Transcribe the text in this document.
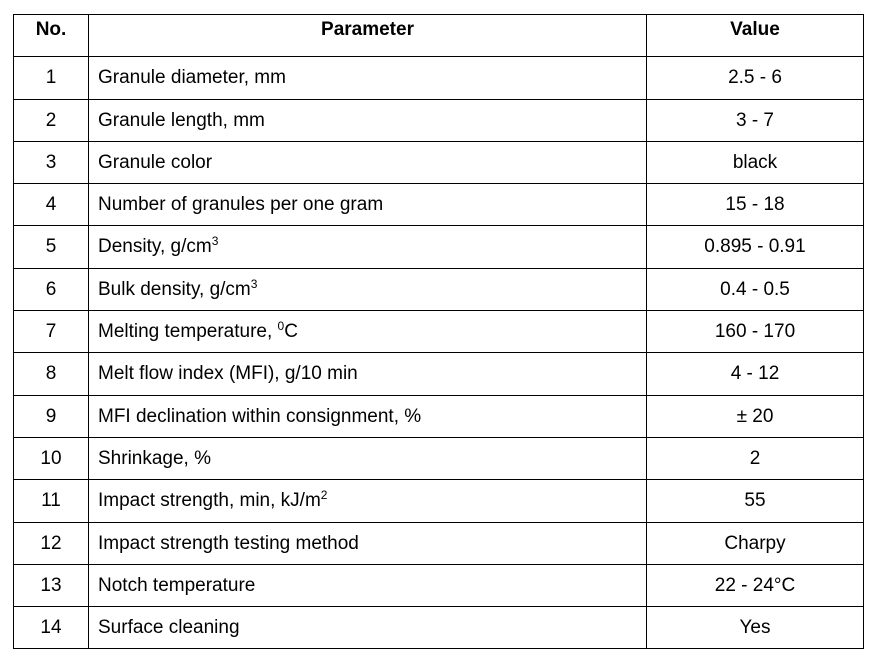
No.	Parameter	Value
1	Granule diameter, mm	2.5 - 6
2	Granule length, mm	3 - 7
3	Granule color	black
4	Number of granules per one gram	15 - 18
5	Density, $g/cm^3$	0.895 - 0.91
6	Bulk density, $g/cm^3$	0.4 - 0.5
7	Melting temperature, $^0$C	160 - 170
8	Melt flow index (MFI), g/10 min	4 - 12
9	MFI declination within consignment, %	± 20
10	Shrinkage, %	2
11	Impact strength, min, $kJ/m^2$	55
12	Impact strength testing method	Charpy
13	Notch temperature	22 - 24°C
14	Surface cleaning	Yes
